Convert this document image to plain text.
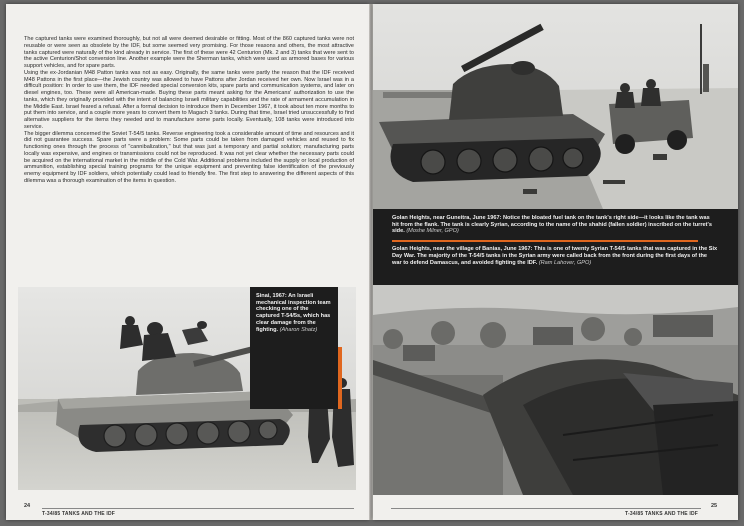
The captured tanks were examined thoroughly, but not all were deemed desirable or fitting. Most of the 860 captured tanks were not reusable or were seen as obsolete by the IDF, but some seemed very promising. For those reasons and others, the most attractive tanks captured were naturally of the kind already in service. The first of these were 42 Centurion (Mk. 2 and 3) tanks that were sent to the active Centurion/Shot conversion line. Another example were the Sherman tanks, which were used as armored bases for various support vehicles, and for spare parts.

Using the ex-Jordanian M48 Patton tanks was not as easy. Originally, the same tanks were partly the reason that the IDF received M48 Pattons in the first place—the Jewish country was allowed to have Pattons after Jordan received her own. Now Israel was in a difficult position: In order to use them, the IDF needed special conversion kits, spare parts and communication systems, and later on diesel engines, too. These were all American-made. Buying these parts meant asking for the Americans' authorization to use the tanks, which they originally provided with the intent of balancing Israeli military capabilities and the rate of armament accumulation in the Middle East. Israel feared a refusal. After a formal decision to introduce them in December 1967, it took about ten more months to put them into service, and a couple more years to convert them to Magach 3 tanks. During that time, Israel tried unsuccessfully to find alternative suppliers for the items they needed and to manufacture some parts locally. Eventually, 108 tanks were introduced into service.

The bigger dilemma concerned the Soviet T-54/5 tanks. Reverse engineering took a considerable amount of time and resources and it did not guarantee success. Spare parts were a problem: Some parts could be taken from damaged vehicles and reused to fix functioning ones through the process of "cannibalization," but that was just a temporary and partial solution; manufacturing parts locally was expensive, and engines or transmissions could not be reproduced. It was not yet clear whether the necessary parts could be acquired on the international market in the middle of the Cold War. Additional problems included the supply or local production of ammunition, establishing special training programs for the unique equipment and preventing false identification of the previously enemy equipment by IDF soldiers, which potentially could lead to friendly fire. The first step to answering the different aspects of this dilemma was a thorough examination of the items in question.

Sinai, 1967: An Israeli mechanical inspection team checking one of the captured T-54/5s, which has clear damage from the fighting. (Aharon Shatz)
24
T-34/85 TANKS AND THE IDF
Golan Heights, near Guneitra, June 1967: Notice the bloated fuel tank on the tank's right side—it looks like the tank was hit from the flank. The tank is clearly Syrian, according to the name of the shahid (fallen soldier) inscribed on the turret's side. (Moshe Milner, GPO)
Golan Heights, near the village of Banias, June 1967: This is one of twenty Syrian T-54/5 tanks that was captured in the Six Day War. The majority of the T-54/5 tanks in the Syrian army were called back from the front during the first days of the war to defend Damascus, and avoided fighting the IDF. (Ram Lahover, GPO)
T-34/85 TANKS AND THE IDF
25
